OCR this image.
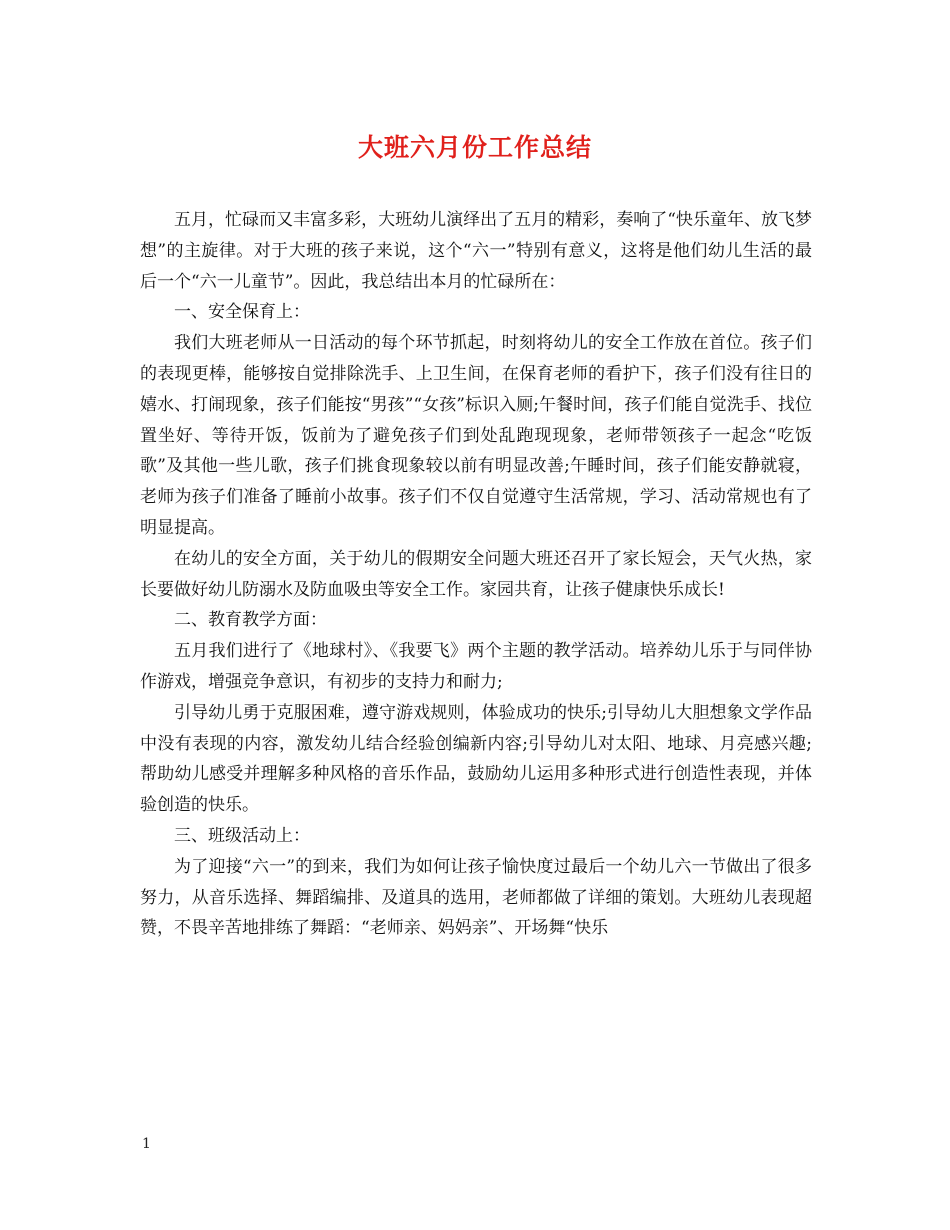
大班六月份工作总结

五月，忙碌而又丰富多彩，大班幼儿演绎出了五月的精彩，奏响了“快乐童年、放飞梦想”的主旋律。对于大班的孩子来说，这个“六一”特别有意义，这将是他们幼儿生活的最后一个“六一儿童节”。因此，我总结出本月的忙碌所在：

一、安全保育上：

我们大班老师从一日活动的每个环节抓起，时刻将幼儿的安全工作放在首位。孩子们的表现更棒，能够按自觉排除洗手、上卫生间，在保育老师的看护下，孩子们没有往日的嬉水、打闹现象，孩子们能按“男孩”“女孩”标识入厕;午餐时间，孩子们能自觉洗手、找位置坐好、等待开饭，饭前为了避免孩子们到处乱跑现现象，老师带领孩子一起念“吃饭歌”及其他一些儿歌，孩子们挑食现象较以前有明显改善;午睡时间，孩子们能安静就寝，老师为孩子们准备了睡前小故事。孩子们不仅自觉遵守生活常规，学习、活动常规也有了明显提高。

在幼儿的安全方面，关于幼儿的假期安全问题大班还召开了家长短会，天气火热，家长要做好幼儿防溺水及防血吸虫等安全工作。家园共育，让孩子健康快乐成长!

二、教育教学方面：

五月我们进行了《地球村》、《我要飞》两个主题的教学活动。培养幼儿乐于与同伴协作游戏，增强竞争意识，有初步的支持力和耐力;

引导幼儿勇于克服困难，遵守游戏规则，体验成功的快乐;引导幼儿大胆想象文学作品中没有表现的内容，激发幼儿结合经验创编新内容;引导幼儿对太阳、地球、月亮感兴趣;帮助幼儿感受并理解多种风格的音乐作品，鼓励幼儿运用多种形式进行创造性表现，并体验创造的快乐。

三、班级活动上：

为了迎接“六一”的到来，我们为如何让孩子愉快度过最后一个幼儿六一节做出了很多努力，从音乐选择、舞蹈编排、及道具的选用，老师都做了详细的策划。大班幼儿表现超赞，不畏辛苦地排练了舞蹈：“老师亲、妈妈亲”、开场舞“快乐

1
